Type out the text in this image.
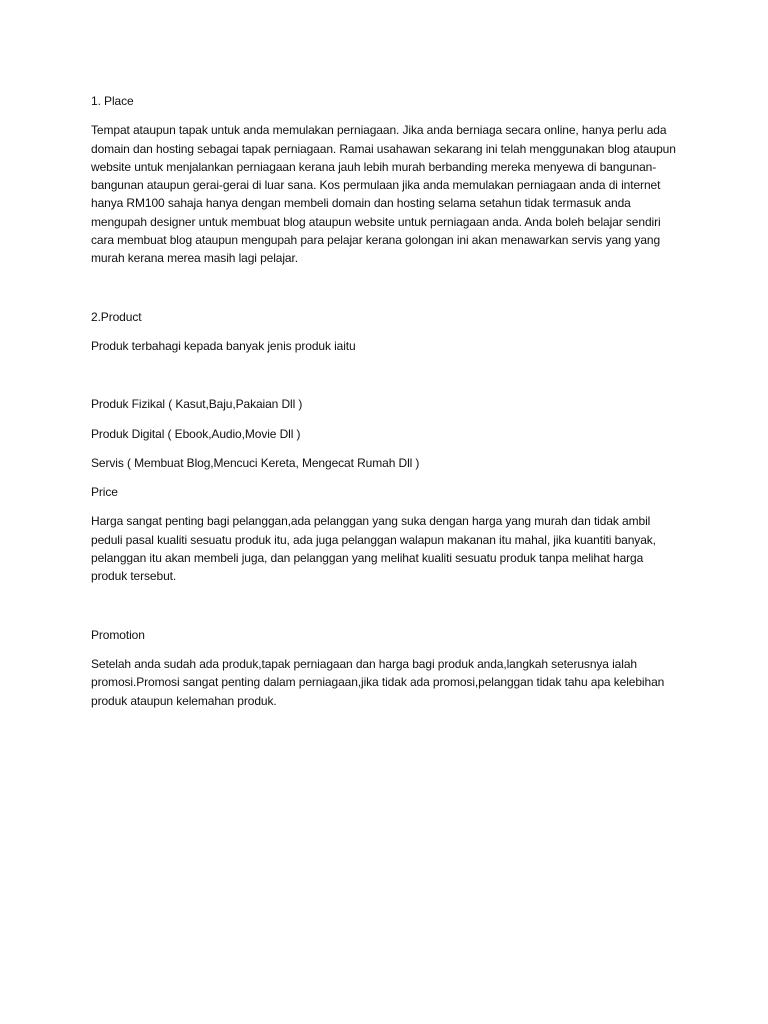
1. Place

Tempat ataupun tapak untuk anda memulakan perniagaan. Jika anda berniaga secara online, hanya perlu ada domain dan hosting sebagai tapak perniagaan. Ramai usahawan sekarang ini telah menggunakan blog ataupun website untuk menjalankan perniagaan kerana jauh lebih murah berbanding mereka menyewa di bangunan-bangunan ataupun gerai-gerai di luar sana. Kos permulaan jika anda memulakan perniagaan anda di internet hanya RM100 sahaja hanya dengan membeli domain dan hosting selama setahun tidak termasuk anda mengupah designer untuk membuat blog ataupun website untuk perniagaan anda. Anda boleh belajar sendiri cara membuat blog ataupun mengupah para pelajar kerana golongan ini akan menawarkan servis yang yang murah kerana merea masih lagi pelajar.

2.Product

Produk terbahagi kepada banyak jenis produk iaitu

Produk Fizikal ( Kasut,Baju,Pakaian Dll )

Produk Digital ( Ebook,Audio,Movie Dll )

Servis ( Membuat Blog,Mencuci Kereta, Mengecat Rumah Dll )

Price

Harga sangat penting bagi pelanggan,ada pelanggan yang suka dengan harga yang murah dan tidak ambil peduli pasal kualiti sesuatu produk itu, ada juga pelanggan walapun makanan itu mahal, jika kuantiti banyak, pelanggan itu akan membeli juga, dan pelanggan yang melihat kualiti sesuatu produk tanpa melihat harga produk tersebut.

Promotion

Setelah anda sudah ada produk,tapak perniagaan dan harga bagi produk anda,langkah seterusnya ialah promosi.Promosi sangat penting dalam perniagaan,jika tidak ada promosi,pelanggan tidak tahu apa kelebihan produk ataupun kelemahan produk.
